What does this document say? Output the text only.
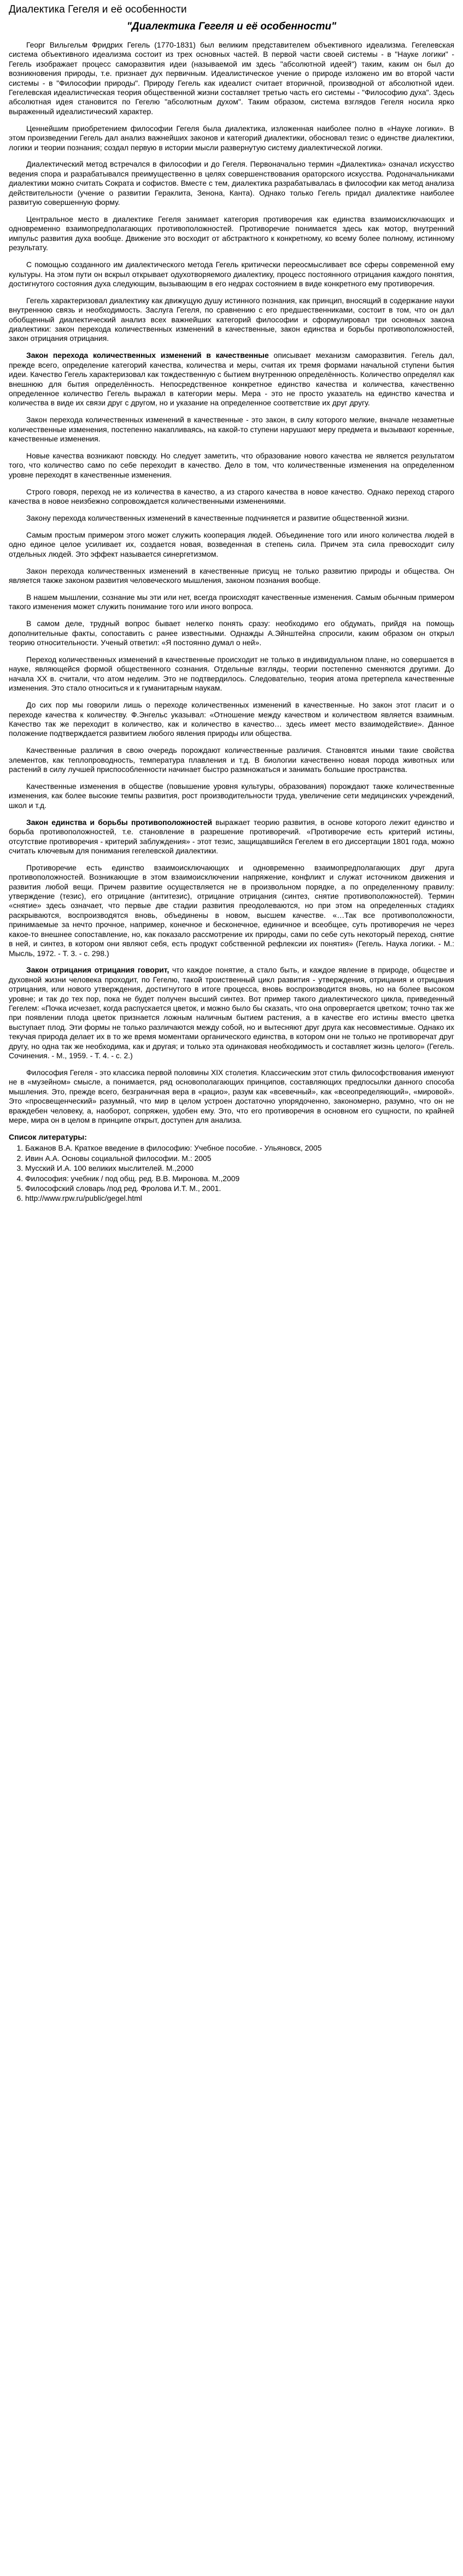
Диалектика Гегеля и её особенности
"Диалектика Гегеля и её особенности"

Георг Вильгельм Фридрих Гегель (1770-1831) был великим представителем объективного идеализма. Гегелевская система объективного идеализма состоит из трех основных частей. В первой части своей системы - в "Науке логики" - Гегель изображает процесс саморазвития идеи (называемой им здесь "абсолютной идеей") таким, каким он был до возникновения природы, т.е. признает дух первичным. Идеалистическое учение о природе изложено им во второй части системы - в "Философии природы". Природу Гегель как идеалист считает вторичной, производной от абсолютной идеи. Гегелевская идеалистическая теория общественной жизни составляет третью часть его системы - "Философию духа". Здесь абсолютная идея становится по Гегелю "абсолютным духом". Таким образом, система взглядов Гегеля носила ярко выраженный идеалистический характер.

Ценнейшим приобретением философии Гегеля была диалектика, изложенная наиболее полно в «Науке логики». В этом произведении Гегель дал анализ важнейших законов и категорий диалектики, обосновал тезис о единстве диалектики, логики и теории познания; создал первую в истории мысли развернутую систему диалектической логики.

Диалектический метод встречался в философии и до Гегеля. Первоначально термин «Диалектика» означал искусство ведения спора и разрабатывался преимущественно в целях совершенствования ораторского искусства. Родоначальниками диалектики можно считать Сократа и софистов. Вместе с тем, диалектика разрабатывалась в философии как метод анализа действительности (учение о развитии Гераклита, Зенона, Канта). Однако только Гегель придал диалектике наиболее развитую совершенную форму.

Центральное место в диалектике Гегеля занимает категория противоречия как единства взаимоисключающих и одновременно взаимопредполагающих противоположностей. Противоречие понимается здесь как мотор, внутренний импульс развития духа вообще. Движение это восходит от абстрактного к конкретному, ко всему более полному, истинному результату.

С помощью созданного им диалектического метода Гегель критически переосмысливает все сферы современной ему культуры. На этом пути он вскрыл открывает одухотворяемого диалектику, процесс постоянного отрицания каждого понятия, достигнутого состояния духа следующим, вызывающим в его недрах состоянием в виде конкретного ему противоречия.

Гегель характеризовал диалектику как движущую душу истинного познания, как принцип, вносящий в содержание науки внутреннюю связь и необходимость. Заслуга Гегеля, по сравнению с его предшественниками, состоит в том, что он дал обобщенный диалектический анализ всех важнейших категорий философии и сформулировал три основных закона диалектики: закон перехода количественных изменений в качественные, закон единства и борьбы противоположностей, закон отрицания отрицания.

Закон перехода количественных изменений в качественные описывает механизм саморазвития. Гегель дал, прежде всего, определение категорий качества, количества и меры, считая их тремя формами начальной ступени бытия идеи. Качество Гегель характеризовал как тождественную с бытием внутреннюю определённость. Количество определял как внешнюю для бытия определённость. Непосредственное конкретное единство качества и количества, качественно определенное количество Гегель выражал в категории меры. Мера - это не просто указатель на единство качества и количества в виде их связи друг с другом, но и указание на определенное соответствие их друг другу.

Закон перехода количественных изменений в качественные - это закон, в силу которого мелкие, вначале незаметные количественные изменения, постепенно накапливаясь, на какой-то ступени нарушают меру предмета и вызывают коренные, качественные изменения.

Новые качества возникают повсюду. Но следует заметить, что образование нового качества не является результатом того, что количество само по себе переходит в качество. Дело в том, что количественные изменения на определенном уровне переходят в качественные изменения.

Строго говоря, переход не из количества в качество, а из старого качества в новое качество. Однако переход старого качества в новое неизбежно сопровождается количественными изменениями.

Закону перехода количественных изменений в качественные подчиняется и развитие общественной жизни.

Самым простым примером этого может служить кооперация людей. Объединение того или иного количества людей в одно единое целое усиливает их, создается новая, возведенная в степень сила. Причем эта сила превосходит силу отдельных людей. Это эффект называется синергетизмом.

Закон перехода количественных изменений в качественные присущ не только развитию природы и общества. Он является также законом развития человеческого мышления, законом познания вообще.

В нашем мышлении, сознание мы эти или нет, всегда происходят качественные изменения. Самым обычным примером такого изменения может служить понимание того или иного вопроса.

В самом деле, трудный вопрос бывает нелегко понять сразу: необходимо его обдумать, прийдя на помощь дополнительные факты, сопоставить с ранее известными. Однажды А.Эйнштейна спросили, каким образом он открыл теорию относительности. Ученый ответил: «Я постоянно думал о ней».

Переход количественных изменений в качественные происходит не только в индивидуальном плане, но совершается в науке, являющейся формой общественного сознания. Отдельные взгляды, теории постепенно сменяются другими. До начала XX в. считали, что атом неделим. Это не подтвердилось. Следовательно, теория атома претерпела качественные изменения. Это стало относиться и к гуманитарным наукам.

До сих пор мы говорили лишь о переходе количественных изменений в качественные. Но закон этот гласит и о переходе качества к количеству. Ф.Энгельс указывал: «Отношение между качеством и количеством является взаимным. Качество так же переходит в количество, как и количество в качество… здесь имеет место взаимодействие». Данное положение подтверждается развитием любого явления природы или общества.

Качественные различия в свою очередь порождают количественные различия. Становятся иными такие свойства элементов, как теплопроводность, температура плавления и т.д. В биологии качественно новая порода животных или растений в силу лучшей приспособленности начинает быстро размножаться и занимать большие пространства.

Качественные изменения в обществе (повышение уровня культуры, образования) порождают также количественные изменения, как более высокие темпы развития, рост производительности труда, увеличение сети медицинских учреждений, школ и т.д.

Закон единства и борьбы противоположностей выражает теорию развития, в основе которого лежит единство и борьба противоположностей, т.е. становление в разрешение противоречий. «Противоречие есть критерий истины, отсутствие противоречия - критерий заблуждения» - этот тезис, защищавшийся Гегелем в его диссертации 1801 года, можно считать ключевым для понимания гегелевской диалектики.

Противоречие есть единство взаимоисключающих и одновременно взаимопредполагающих друг друга противоположностей. Возникающие в этом взаимоисключении напряжение, конфликт и служат источником движения и развития любой вещи. Причем развитие осуществляется не в произвольном порядке, а по определенному правилу: утверждение (тезис), его отрицание (антитезис), отрицание отрицания (синтез, снятие противоположностей). Термин «снятие» здесь означает, что первые две стадии развития преодолеваются, но при этом на определенных стадиях раскрываются, воспроизводятся вновь, объединены в новом, высшем качестве. «…Так все противоположности, принимаемые за нечто прочное, например, конечное и бесконечное, единичное и всеобщее, суть противоречия не через какое-то внешнее сопоставление, но, как показало рассмотрение их природы, сами по себе суть некоторый переход, снятие в ней, и синтез, в котором они являют себя, есть продукт собственной рефлексии их понятия» (Гегель. Наука логики. - М.: Мысль, 1972. - Т. 3. - с. 298.)

Закон отрицания отрицания говорит, что каждое понятие, а стало быть, и каждое явление в природе, обществе и духовной жизни человека проходит, по Гегелю, такой троиственный цикл развития - утверждения, отрицания и отрицания отрицания, или нового утверждения, достигнутого в итоге процесса, вновь воспроизводится вновь, но на более высоком уровне; и так до тех пор, пока не будет получен высший синтез. Вот пример такого диалектического цикла, приведенный Гегелем: «Почка исчезает, когда распускается цветок, и можно было бы сказать, что она опровергается цветком; точно так же при появлении плода цветок признается ложным наличным бытием растения, а в качестве его истины вместо цветка выступает плод. Эти формы не только различаются между собой, но и вытесняют друг друга как несовместимые. Однако их текучая природа делает их в то же время моментами органического единства, в котором они не только не противоречат друг другу, но одна так же необходима, как и другая; и только эта одинаковая необходимость и составляет жизнь целого» (Гегель. Сочинения. - М., 1959. - Т. 4. - с. 2.)

Философия Гегеля - это классика первой половины XIX столетия. Классическим этот стиль философствования именуют не в «музейном» смысле, а понимается, ряд основополагающих принципов, составляющих предпосылки данного способа мышления. Это, прежде всего, безграничная вера в «рацио», разум как «всевечный», как «всеопределяющий», «мировой». Это «просвещенческий» разумный, что мир в целом устроен достаточно упорядоченно, закономерно, разумно, что он не враждебен человеку, а, наоборот, сопряжен, удобен ему. Это, что его противоречия в основном его сущности, по крайней мере, мира он в целом в принципе открыт, доступен для анализа.

Список литературы:
1. Бажанов В.А. Краткое введение в философию: Учебное пособие. - Ульяновск, 2005
2. Ивин А.А. Основы социальной философии. М.: 2005
3. Мусский И.А. 100 великих мыслителей. М.,2000
4. Философия: учебник / под общ. ред. В.В. Миронова. М.,2009
5. Философский словарь /под ред. Фролова И.Т. М., 2001.
6. http://www.rpw.ru/public/gegel.html
